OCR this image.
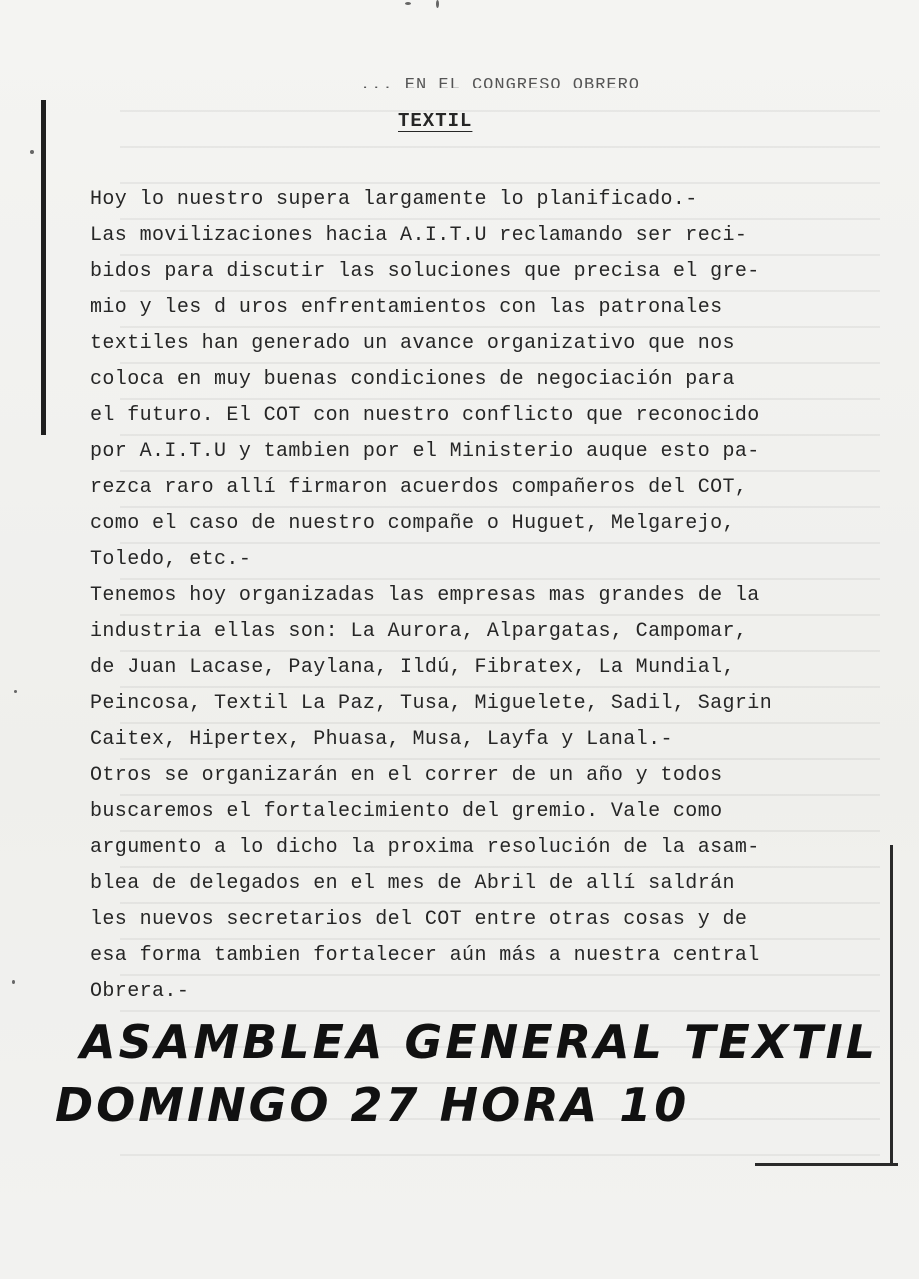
... EN EL CONGRESO OBRERO
TEXTIL
Hoy lo nuestro supera largamente lo planificado.-
Las movilizaciones hacia A.I.T.U reclamando ser reci-
bidos para discutir las soluciones que precisa el gre-
mio y les d uros enfrentamientos con las patronales
textiles han generado un avance organizativo que nos
coloca en muy buenas condiciones de negociación para
el futuro. El COT con nuestro conflicto que reconocido
por A.I.T.U y tambien por el Ministerio auque esto pa-
rezca raro allí firmaron acuerdos compañeros del COT,
como el caso de nuestro compañe o Huguet, Melgarejo,
Toledo, etc.-
Tenemos hoy organizadas las empresas mas grandes de la
industria ellas son: La Aurora, Alpargatas, Campomar,
de Juan Lacase, Paylana, Ildú, Fibratex, La Mundial,
Peincosa, Textil La Paz, Tusa, Miguelete, Sadil, Sagrin
Caitex, Hipertex, Phuasa, Musa, Layfa y Lanal.-
Otros se organizarán en el correr de un año y todos
buscaremos el fortalecimiento del gremio. Vale como
argumento a lo dicho la proxima resolución de la asam-
blea de delegados en el mes de Abril de allí saldrán
les nuevos secretarios del COT entre otras cosas y de
esa forma tambien fortalecer aún más a nuestra central
Obrera.-
ASAMBLEA GENERAL TEXTIL
DOMINGO 27 HORA 10
